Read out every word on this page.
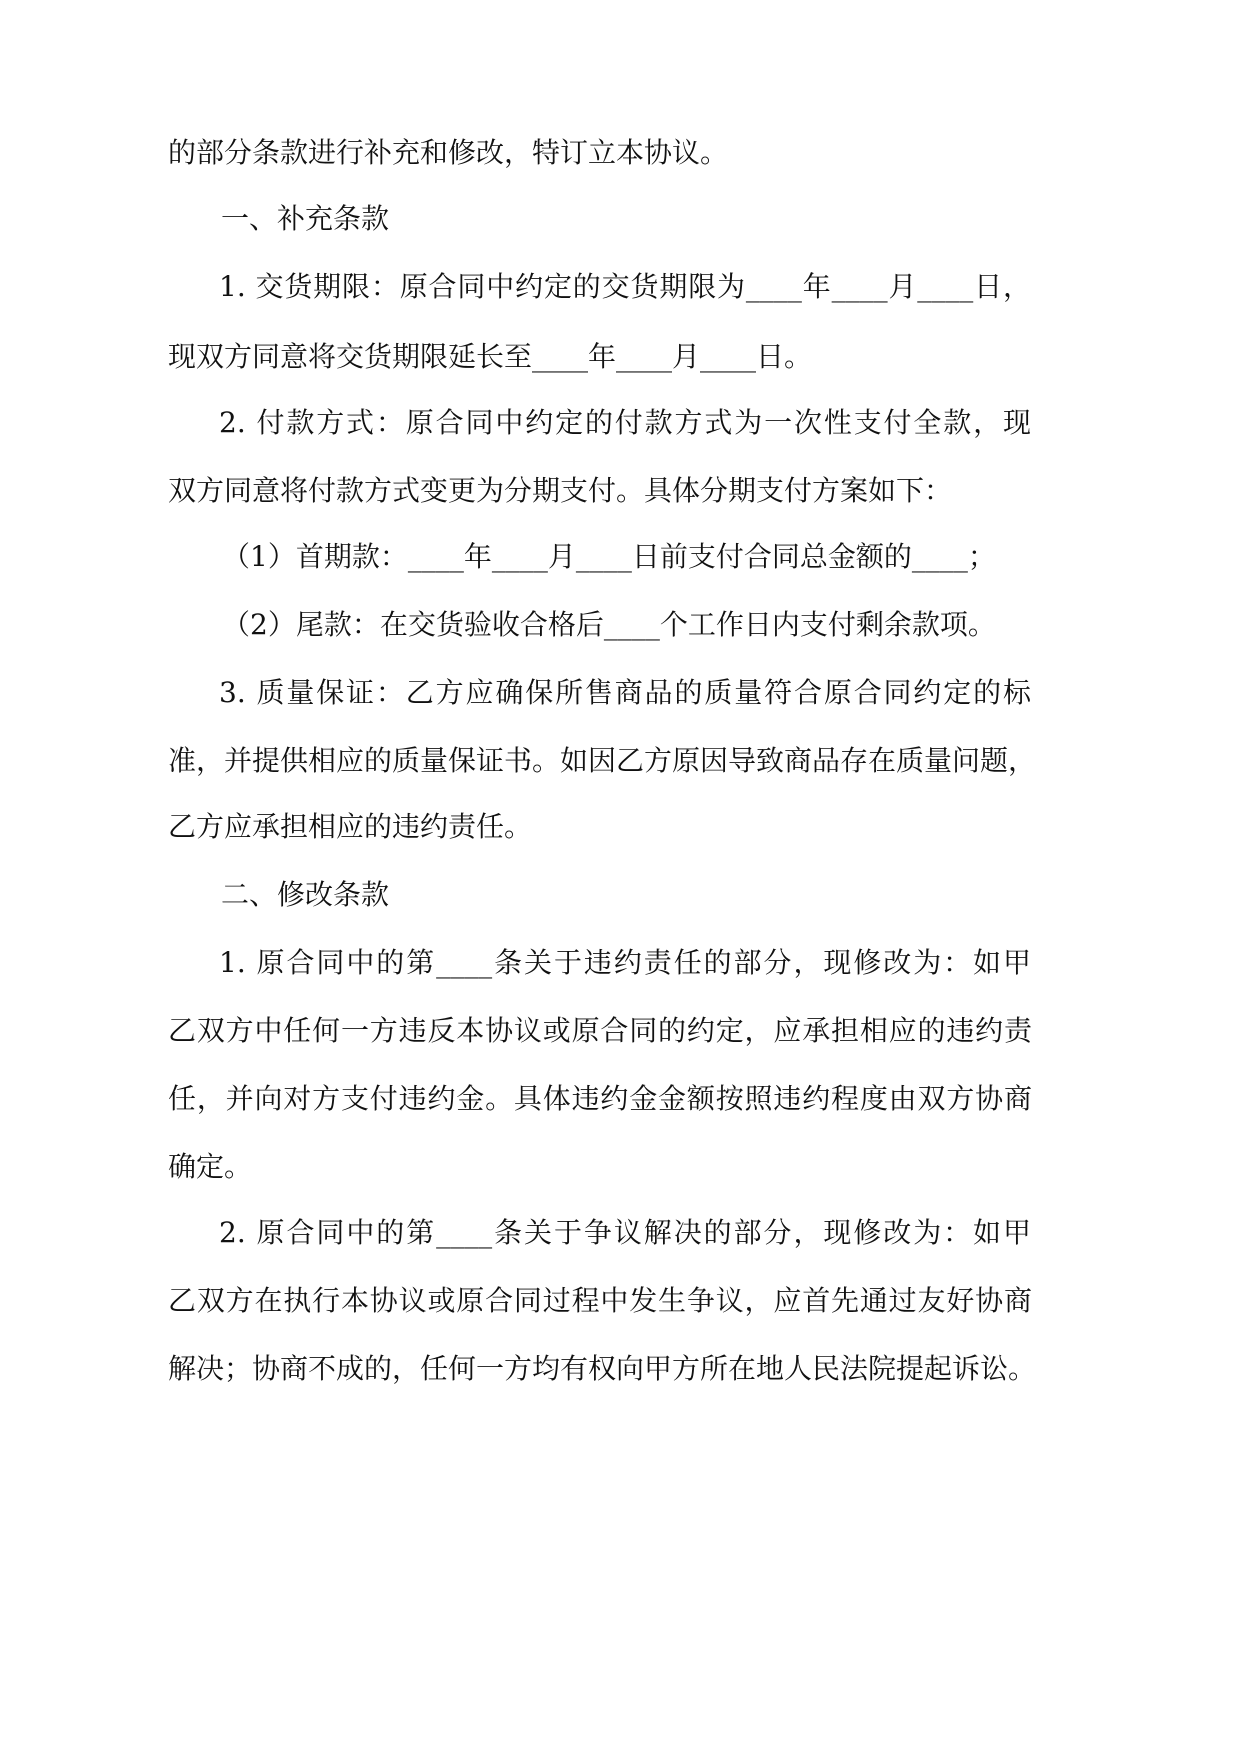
的部分条款进行补充和修改，特订立本协议。
一、补充条款
1. 交货期限：原合同中约定的交货期限为____年____月____日，
现双方同意将交货期限延长至____年____月____日。
2. 付款方式：原合同中约定的付款方式为一次性支付全款，现
双方同意将付款方式变更为分期支付。具体分期支付方案如下：
（1）首期款：____年____月____日前支付合同总金额的____；
（2）尾款：在交货验收合格后____个工作日内支付剩余款项。
3. 质量保证：乙方应确保所售商品的质量符合原合同约定的标
准，并提供相应的质量保证书。如因乙方原因导致商品存在质量问题，
乙方应承担相应的违约责任。
二、修改条款
1. 原合同中的第____条关于违约责任的部分，现修改为：如甲
乙双方中任何一方违反本协议或原合同的约定，应承担相应的违约责
任，并向对方支付违约金。具体违约金金额按照违约程度由双方协商
确定。
2. 原合同中的第____条关于争议解决的部分，现修改为：如甲
乙双方在执行本协议或原合同过程中发生争议，应首先通过友好协商
解决；协商不成的，任何一方均有权向甲方所在地人民法院提起诉讼。
